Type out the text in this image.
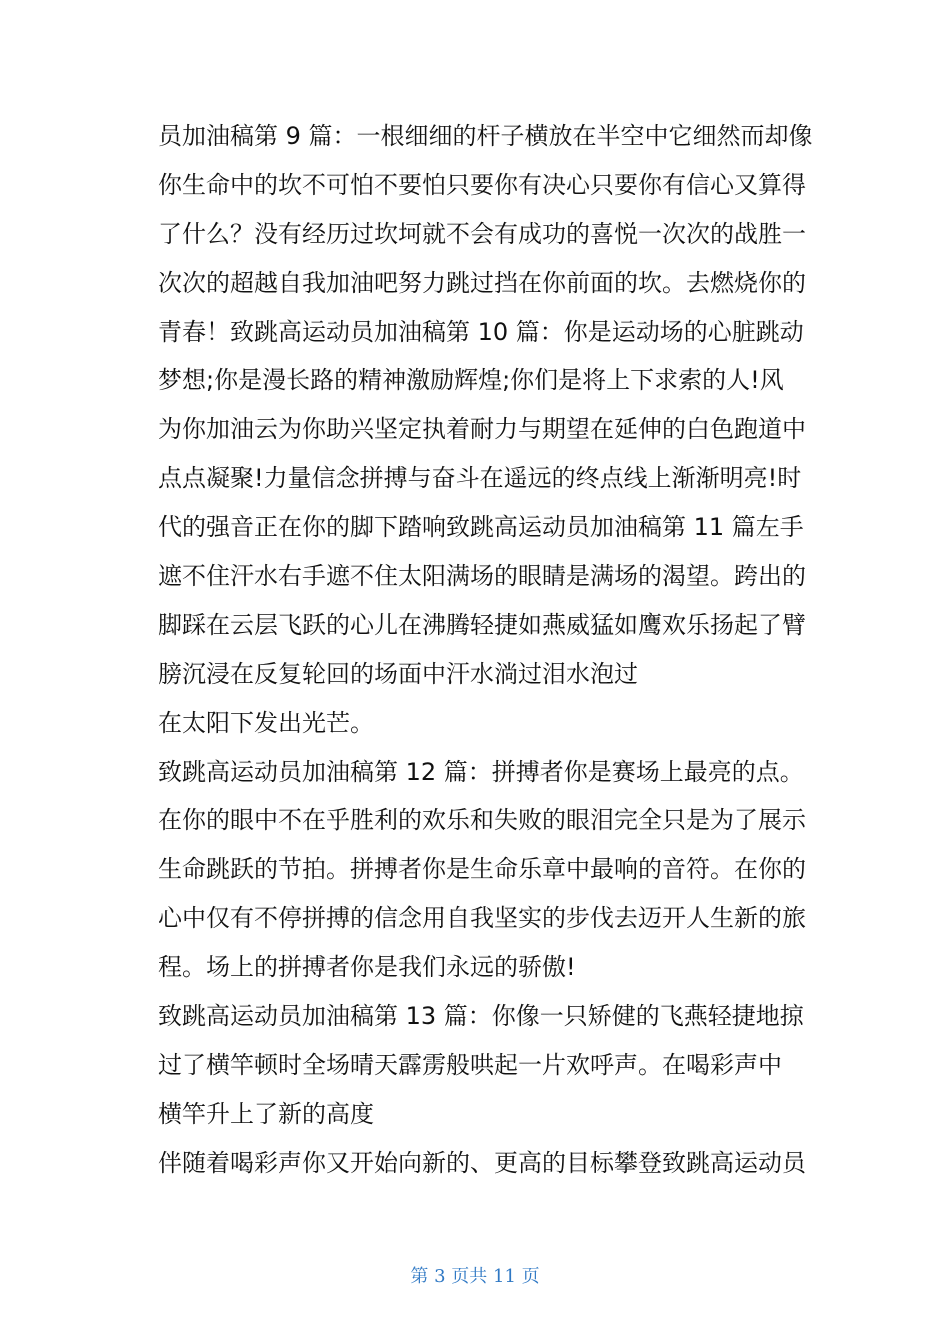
员加油稿第 9 篇：一根细细的杆子横放在半空中它细然而却像
你生命中的坎不可怕不要怕只要你有决心只要你有信心又算得
了什么？没有经历过坎坷就不会有成功的喜悦一次次的战胜一
次次的超越自我加油吧努力跳过挡在你前面的坎。去燃烧你的
青春！致跳高运动员加油稿第 10 篇：你是运动场的心脏跳动
梦想;你是漫长路的精神激励辉煌;你们是将上下求索的人!风
为你加油云为你助兴坚定执着耐力与期望在延伸的白色跑道中
点点凝聚!力量信念拼搏与奋斗在遥远的终点线上渐渐明亮!时
代的强音正在你的脚下踏响致跳高运动员加油稿第 11 篇左手
遮不住汗水右手遮不住太阳满场的眼睛是满场的渴望。跨出的
脚踩在云层飞跃的心儿在沸腾轻捷如燕威猛如鹰欢乐扬起了臂
膀沉浸在反复轮回的场面中汗水淌过泪水泡过
在太阳下发出光芒。
致跳高运动员加油稿第 12 篇：拼搏者你是赛场上最亮的点。
在你的眼中不在乎胜利的欢乐和失败的眼泪完全只是为了展示
生命跳跃的节拍。拼搏者你是生命乐章中最响的音符。在你的
心中仅有不停拼搏的信念用自我坚实的步伐去迈开人生新的旅
程。场上的拼搏者你是我们永远的骄傲!
致跳高运动员加油稿第 13 篇：你像一只矫健的飞燕轻捷地掠
过了横竿顿时全场晴天霹雳般哄起一片欢呼声。在喝彩声中
横竿升上了新的高度
伴随着喝彩声你又开始向新的、更高的目标攀登致跳高运动员
第 3 页共 11 页
